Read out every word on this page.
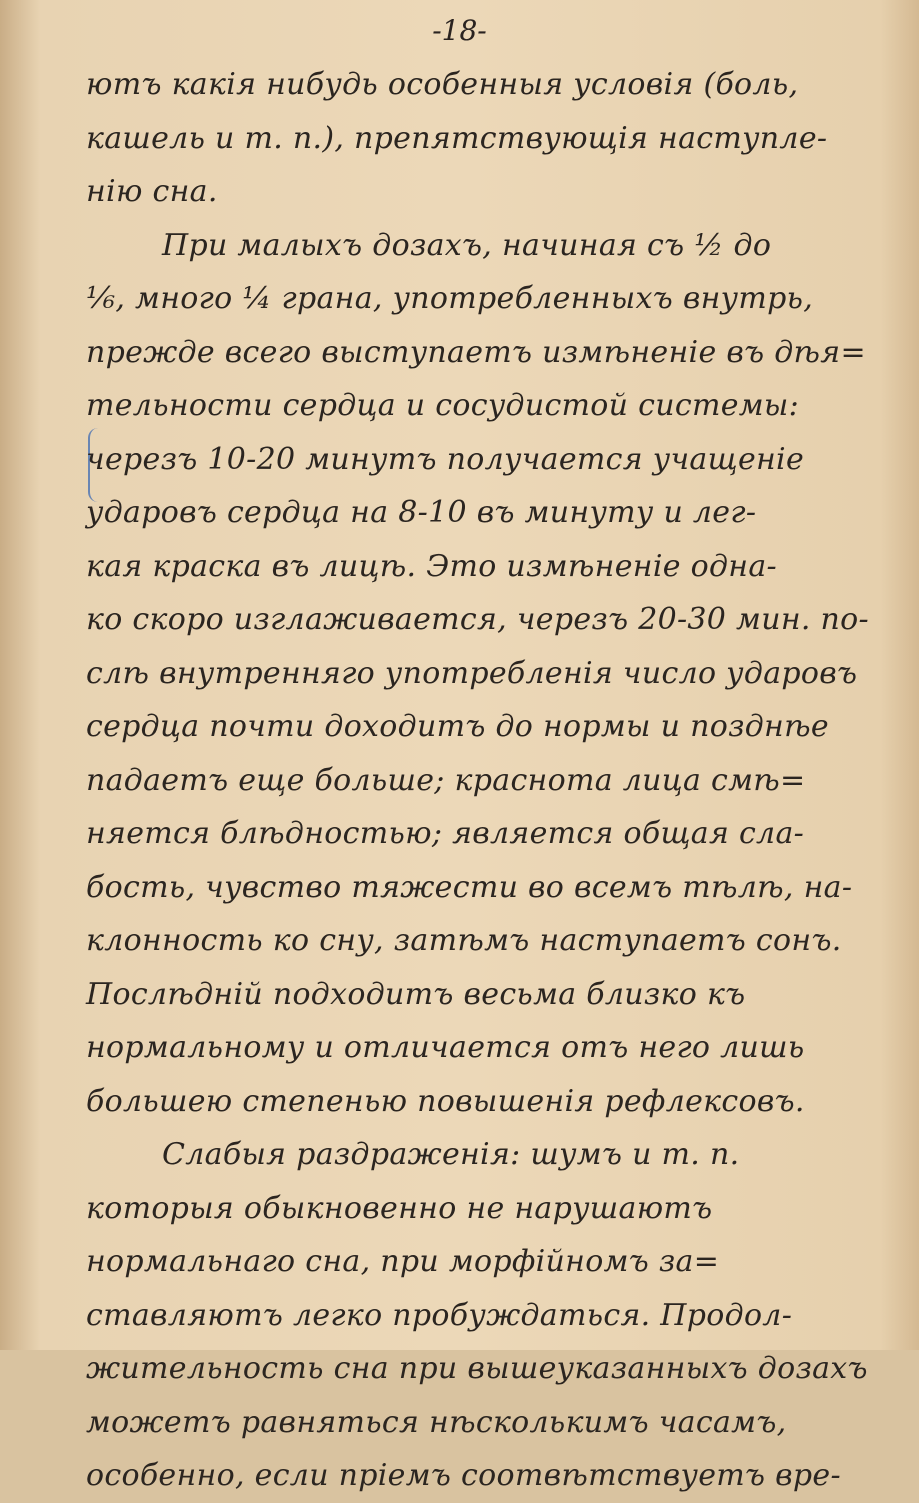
-18-
ютъ какія нибудь особенныя условія (боль,
кашель и т. п.), препятствующія наступле-
нію сна.
При малыхъ дозахъ, начиная съ ½ до
⅙, много ¼ грана, употребленныхъ внутрь,
прежде всего выступаетъ измѣненіе въ дѣя=
тельности сердца и сосудистой системы:
черезъ 10-20 минутъ получается учащеніе
ударовъ сердца на 8-10 въ минуту и лег-
кая краска въ лицѣ. Это измѣненіе одна-
ко скоро изглаживается, черезъ 20-30 мин. по-
слѣ внутренняго употребленія число ударовъ
сердца почти доходитъ до нормы и позднѣе
падаетъ еще больше; краснота лица смѣ=
няется блѣдностью; является общая сла-
бость, чувство тяжести во всемъ тѣлѣ, на-
клонность ко сну, затѣмъ наступаетъ сонъ.
Послѣдній подходитъ весьма близко къ
нормальному и отличается отъ него лишь
большею степенью повышенія рефлексовъ.
Слабыя раздраженія: шумъ и т. п.
которыя обыкновенно не нарушаютъ
нормальнаго сна, при морфійномъ за=
ставляютъ легко пробуждаться. Продол-
жительность сна при вышеуказанныхъ дозахъ
можетъ равняться нѣсколькимъ часамъ,
особенно, если пріемъ соотвѣтствуетъ вре-
